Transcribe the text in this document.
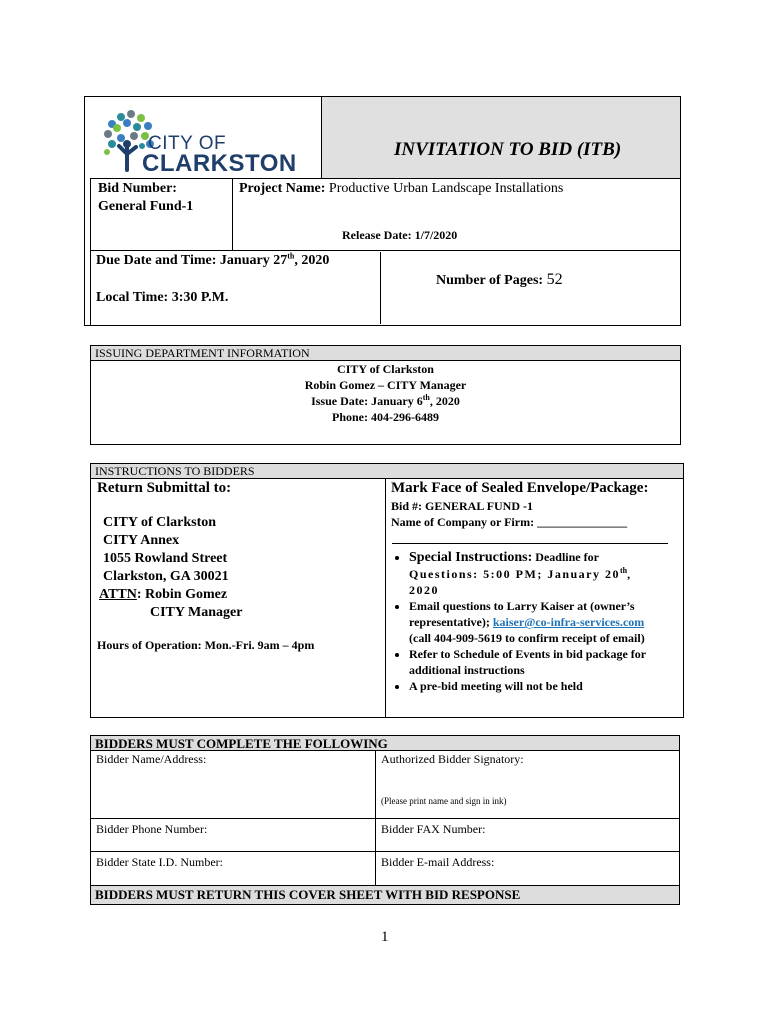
CITY OF
CLARKSTON
INVITATION TO BID (ITB)
Bid Number:
General Fund-1
Project Name: Productive Urban Landscape Installations
Release Date: 1/7/2020
Due Date and Time: January 27th, 2020
Local Time: 3:30 P.M.
Number of Pages: 52
ISSUING DEPARTMENT INFORMATION
CITY of Clarkston
Robin Gomez – CITY Manager
Issue Date: January 6th, 2020
Phone: 404-296-6489
INSTRUCTIONS TO BIDDERS
Return Submittal to:
CITY of Clarkston
CITY Annex
1055 Rowland Street
Clarkston, GA 30021
ATTN: Robin Gomez
CITY Manager
Hours of Operation: Mon.-Fri. 9am – 4pm
Mark Face of Sealed Envelope/Package:
Bid #: GENERAL FUND -1
Name of Company or Firm: _______________
• Special Instructions: Deadline for
Questions: 5:00 PM; January 20th,
2020
• Email questions to Larry Kaiser at (owner’s
representative); kaiser@co-infra-services.com
(call 404-909-5619 to confirm receipt of email)
• Refer to Schedule of Events in bid package for
additional instructions
• A pre-bid meeting will not be held
BIDDERS MUST COMPLETE THE FOLLOWING
Bidder Name/Address:	Authorized Bidder Signatory:
(Please print name and sign in ink)
Bidder Phone Number:	Bidder FAX Number:
Bidder State I.D. Number:	Bidder E-mail Address:
BIDDERS MUST RETURN THIS COVER SHEET WITH BID RESPONSE
1
